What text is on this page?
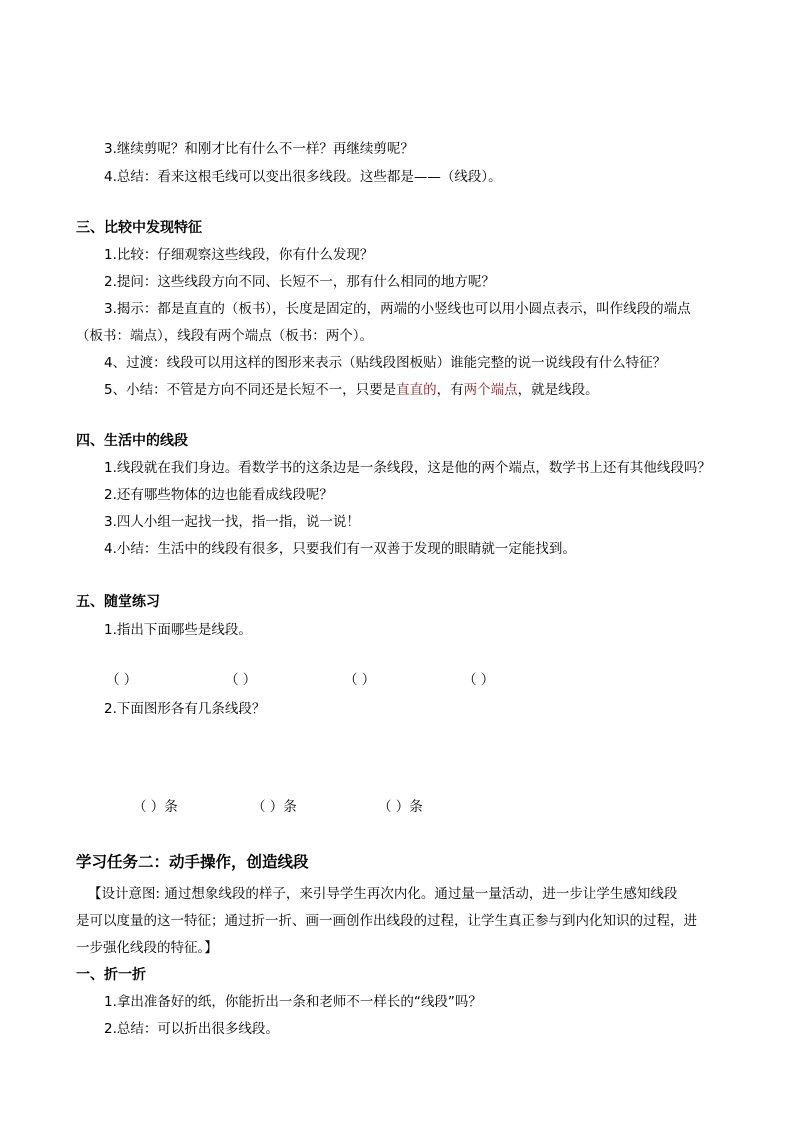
3.继续剪呢？和刚才比有什么不一样？再继续剪呢？
4.总结：看来这根毛线可以变出很多线段。这些都是——（线段）。
三、比较中发现特征
1.比较：仔细观察这些线段，你有什么发现？
2.提问：这些线段方向不同、长短不一，那有什么相同的地方呢？
3.揭示：都是直直的（板书），长度是固定的，两端的小竖线也可以用小圆点表示，叫作线段的端点
（板书：端点），线段有两个端点（板书：两个）。
4、过渡：线段可以用这样的图形来表示（贴线段图板贴）谁能完整的说一说线段有什么特征？
5、小结：不管是方向不同还是长短不一，只要是直直的，有两个端点，就是线段。
四、生活中的线段
1.线段就在我们身边。看数学书的这条边是一条线段，这是他的两个端点，数学书上还有其他线段吗？
2.还有哪些物体的边也能看成线段呢？
3.四人小组一起找一找，指一指，说一说！
4.小结：生活中的线段有很多，只要我们有一双善于发现的眼睛就一定能找到。
五、随堂练习
1.指出下面哪些是线段。
（ ）	（ ）	（ ）	（ ）
2.下面图形各有几条线段？
（ ）条	（ ）条	（ ）条
学习任务二：动手操作，创造线段
【设计意图: 通过想象线段的样子，来引导学生再次内化。通过量一量活动，进一步让学生感知线段
是可以度量的这一特征；通过折一折、画一画创作出线段的过程，让学生真正参与到内化知识的过程，进
一步强化线段的特征。】
一、折一折
1.拿出准备好的纸，你能折出一条和老师不一样长的“线段”吗？
2.总结：可以折出很多线段。
